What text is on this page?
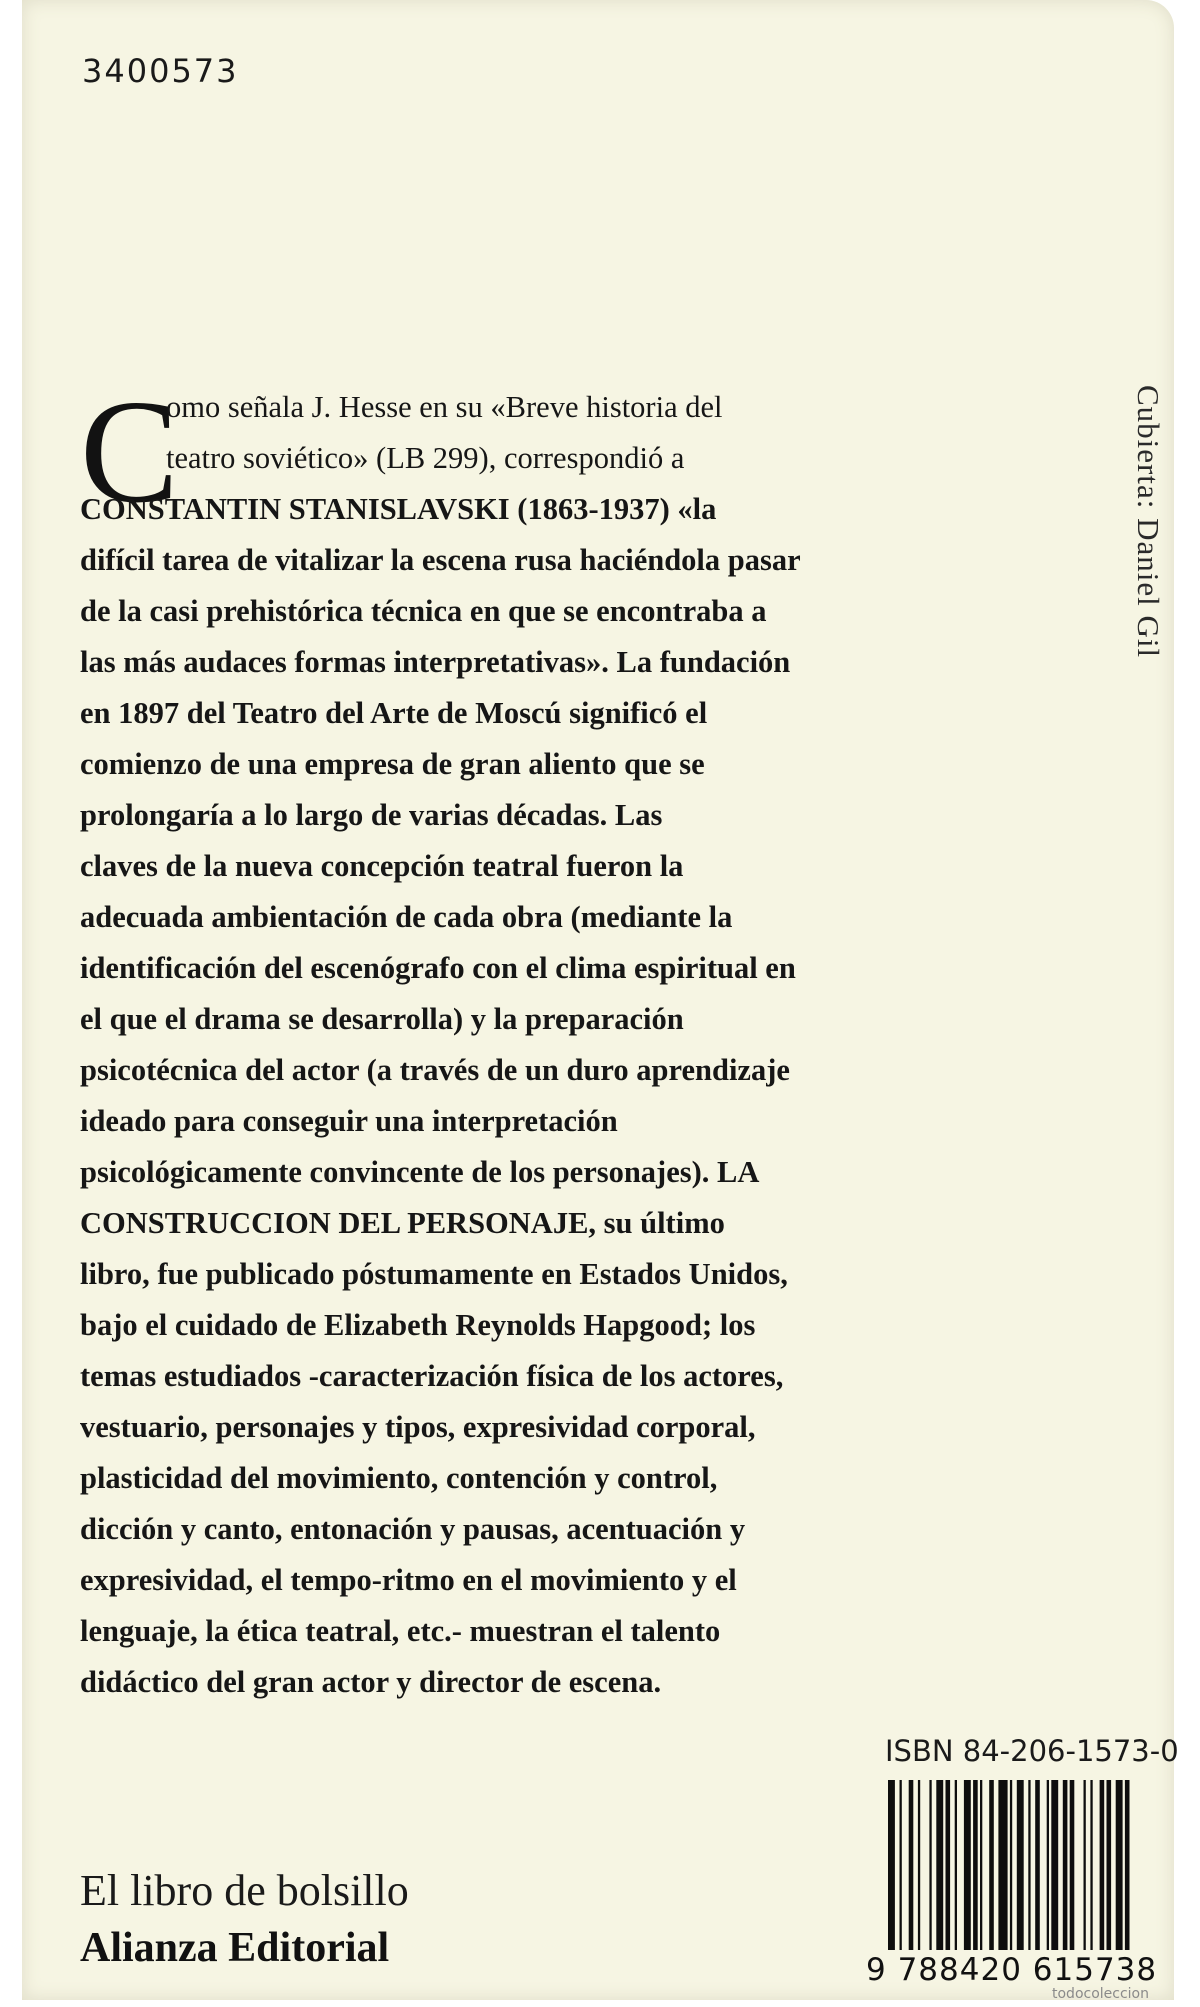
3400573
C
omo señala J. Hesse en su «Breve historia del
teatro soviético» (LB 299), correspondió a
CONSTANTIN STANISLAVSKI (1863-1937) «la
difícil tarea de vitalizar la escena rusa haciéndola pasar
de la casi prehistórica técnica en que se encontraba a
las más audaces formas interpretativas». La fundación
en 1897 del Teatro del Arte de Moscú significó el
comienzo de una empresa de gran aliento que se
prolongaría a lo largo de varias décadas. Las
claves de la nueva concepción teatral fueron la
adecuada ambientación de cada obra (mediante la
identificación del escenógrafo con el clima espiritual en
el que el drama se desarrolla) y la preparación
psicotécnica del actor (a través de un duro aprendizaje
ideado para conseguir una interpretación
psicológicamente convincente de los personajes). LA
CONSTRUCCION DEL PERSONAJE, su último
libro, fue publicado póstumamente en Estados Unidos,
bajo el cuidado de Elizabeth Reynolds Hapgood; los
temas estudiados -caracterización física de los actores,
vestuario, personajes y tipos, expresividad corporal,
plasticidad del movimiento, contención y control,
dicción y canto, entonación y pausas, acentuación y
expresividad, el tempo-ritmo en el movimiento y el
lenguaje, la ética teatral, etc.- muestran el talento
didáctico del gran actor y director de escena.
Cubierta: Daniel Gil
ISBN 84-206-1573-0
9 788420 615738
El libro de bolsillo
Alianza Editorial
todocoleccion
